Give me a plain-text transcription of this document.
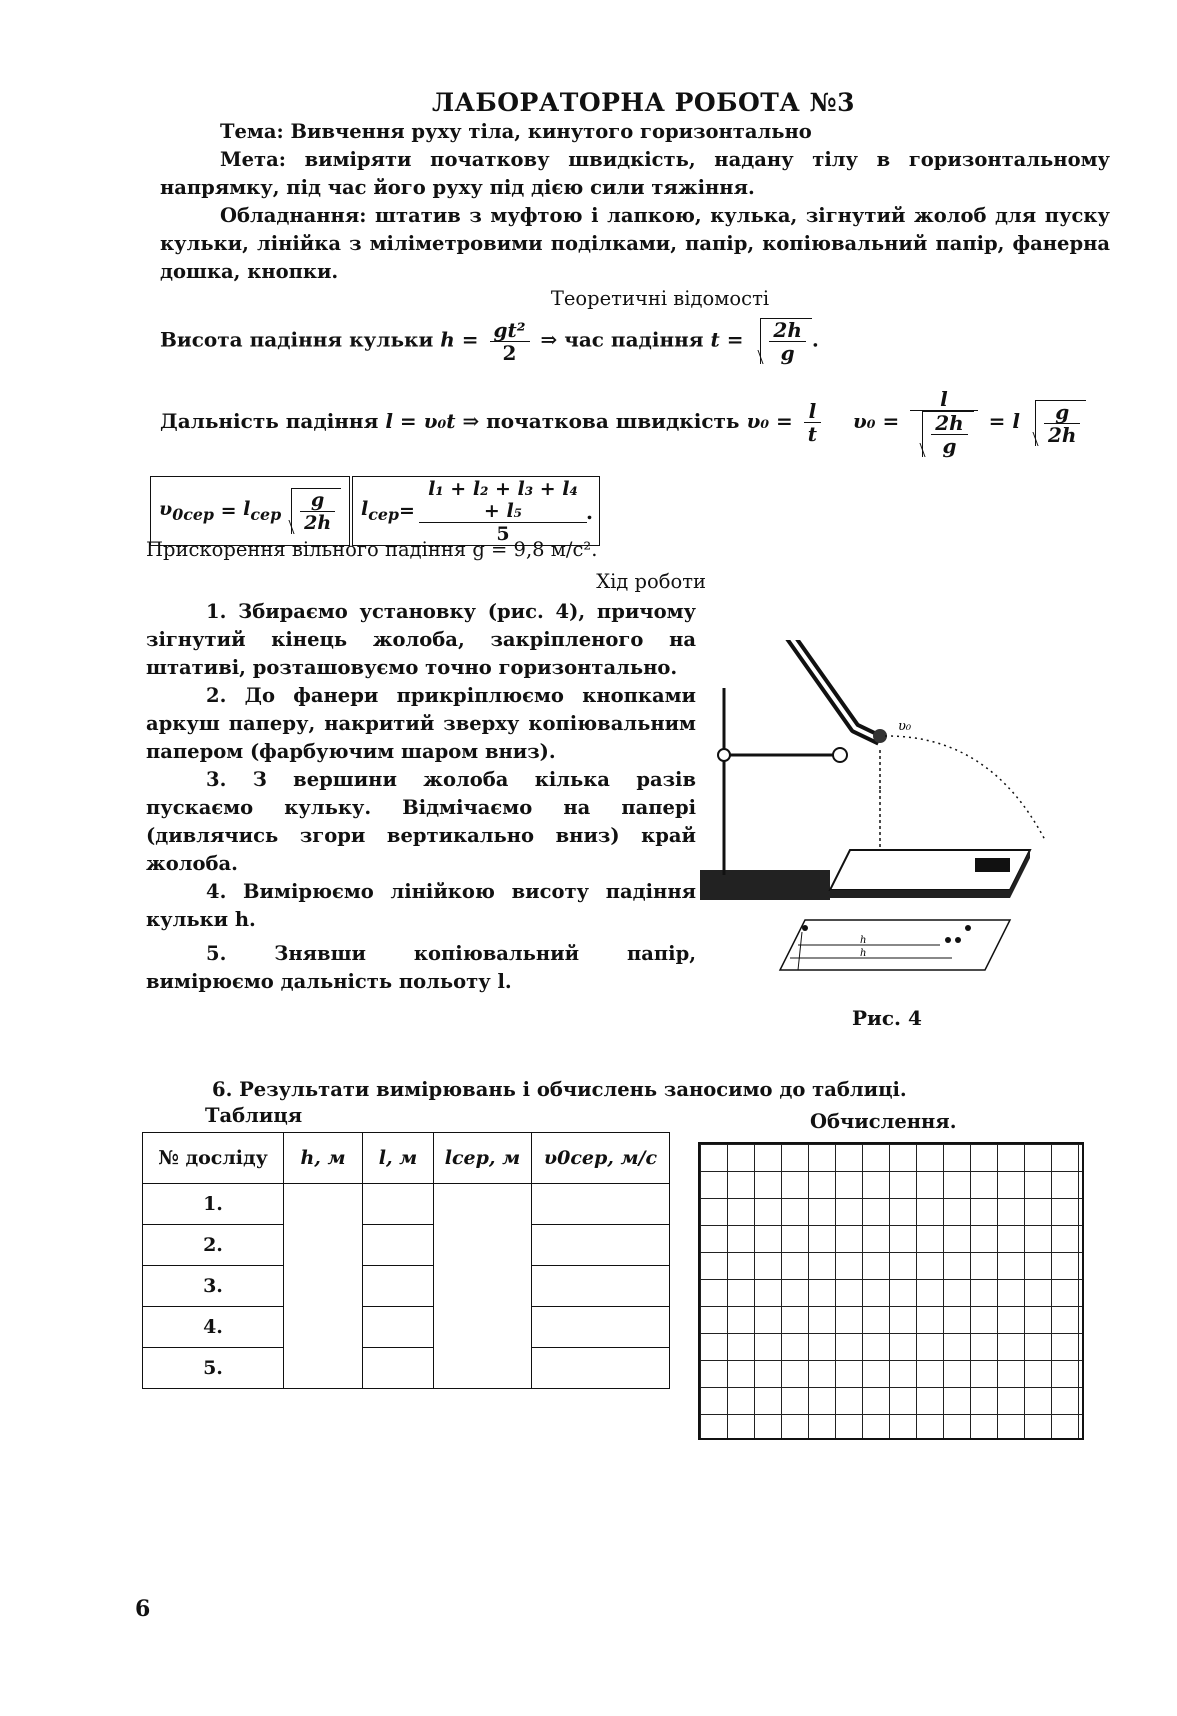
ЛАБОРАТОРНА РОБОТА №3
Тема: Вивчення руху тіла, кинутого горизонтально
Мета: виміряти початкову швидкість, надану тілу в горизонтальному напрямку, під час його руху під дією сили тяжіння.
Обладнання: штатив з муфтою і лапкою, кулька, зігнутий жолоб для пуску кульки, лінійка з міліметровими поділками, папір, копіювальний папір, фанерна дошка, кнопки.
Теоретичні відомості
Висота падіння кульки $h = \frac{\text{gt²}}{2}$ ⇒ час падіння $t = \frac{2h}{g}$ .
Дальність падіння l = υ₀t ⇒ початкова швидкість $\upsilon_0 = \frac{l}{t} \upsilon_0 = \frac{l}{\frac{2h}{g}} = l \frac{g}{2h}$
$\upsilon_{0сер} = l_{сер} \frac{g}{2h} l_{сер} = \frac{\text{l₁ + l₂ + l₃ + l₄ + l₅}}{5}$ .
Прискорення вільного падіння g = 9,8 м/с².
Хід роботи

1. Збираємо установку (рис. 4), причому зігнутий кінець жолоба, закріпленого на штативі, розташовуємо точно горизонтально.

2. До фанери прикріплюємо кнопками аркуш паперу, накритий зверху копіювальним папером (фарбуючим шаром вниз).

3. З вершини жолоба кілька разів пускаємо кульку. Відмічаємо на папері (дивлячись згори вертикально вниз) край жолоба.

4. Вимірюємо лінійкою висоту падіння кульки h.

5. Знявши копіювальний папір, вимірюємо дальність польоту l.

υ₀
h
h
Рис. 4
6. Результати вимірювань і обчислень заносимо до таблиці.
Таблиця	Обчислення.
№ досліду	h, м	l, м	lсер, м	υ0сер, м/с
1.				
2.				
3.				
4.				
5.				
6
